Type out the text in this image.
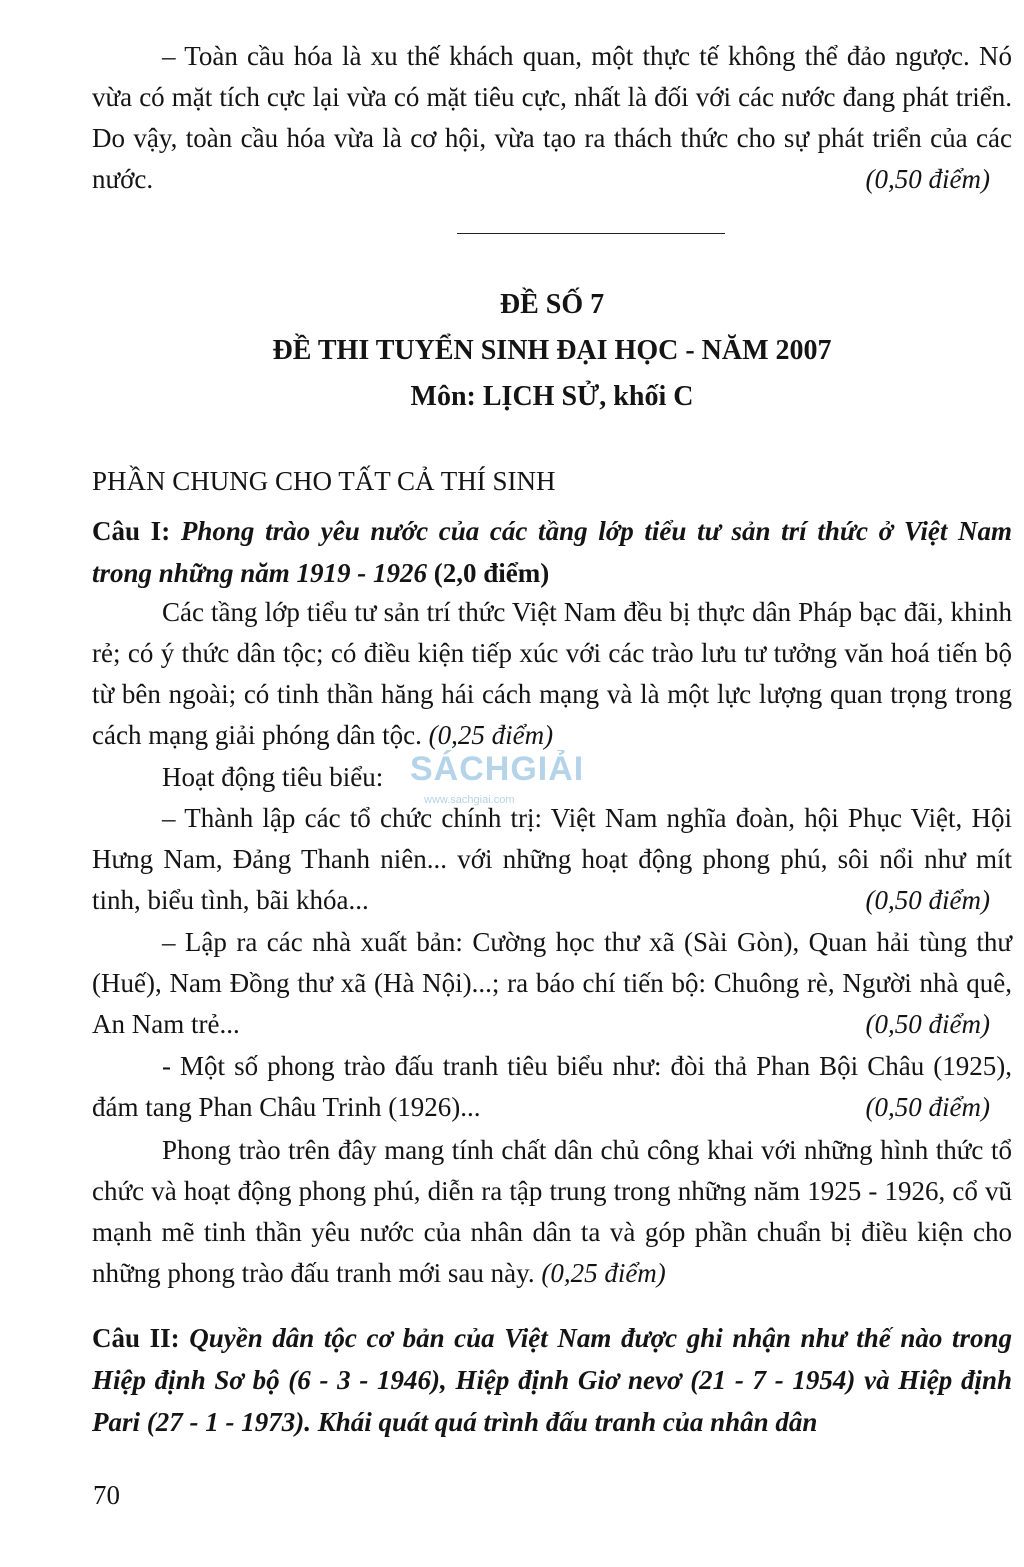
– Toàn cầu hóa là xu thế khách quan, một thực tế không thể đảo ngược. Nó vừa có mặt tích cực lại vừa có mặt tiêu cực, nhất là đối với các nước đang phát triển. Do vậy, toàn cầu hóa vừa là cơ hội, vừa tạo ra thách thức cho sự phát triển của các nước.	(0,50 điểm)

ĐỀ SỐ 7

ĐỀ THI TUYỂN SINH ĐẠI HỌC - NĂM 2007

Môn: LỊCH SỬ, khối C

PHẦN CHUNG CHO TẤT CẢ THÍ SINH

Câu I: Phong trào yêu nước của các tầng lớp tiểu tư sản trí thức ở Việt Nam trong những năm 1919 - 1926 (2,0 điểm)

Các tầng lớp tiểu tư sản trí thức Việt Nam đều bị thực dân Pháp bạc đãi, khinh rẻ; có ý thức dân tộc; có điều kiện tiếp xúc với các trào lưu tư tưởng văn hoá tiến bộ từ bên ngoài; có tinh thần hăng hái cách mạng và là một lực lượng quan trọng trong cách mạng giải phóng dân tộc. (0,25 điểm)

Hoạt động tiêu biểu:

– Thành lập các tổ chức chính trị: Việt Nam nghĩa đoàn, hội Phục Việt, Hội Hưng Nam, Đảng Thanh niên... với những hoạt động phong phú, sôi nổi như mít tinh, biểu tình, bãi khóa...	(0,50 điểm)

– Lập ra các nhà xuất bản: Cường học thư xã (Sài Gòn), Quan hải tùng thư (Huế), Nam Đồng thư xã (Hà Nội)...; ra báo chí tiến bộ: Chuông rè, Người nhà quê, An Nam trẻ...	(0,50 điểm)

- Một số phong trào đấu tranh tiêu biểu như: đòi thả Phan Bội Châu (1925), đám tang Phan Châu Trinh (1926)...	(0,50 điểm)

Phong trào trên đây mang tính chất dân chủ công khai với những hình thức tổ chức và hoạt động phong phú, diễn ra tập trung trong những năm 1925 - 1926, cổ vũ mạnh mẽ tinh thần yêu nước của nhân dân ta và góp phần chuẩn bị điều kiện cho những phong trào đấu tranh mới sau này. (0,25 điểm)

Câu II: Quyền dân tộc cơ bản của Việt Nam được ghi nhận như thế nào trong Hiệp định Sơ bộ (6 - 3 - 1946), Hiệp định Giơ nevơ (21 - 7 - 1954) và Hiệp định Pari (27 - 1 - 1973). Khái quát quá trình đấu tranh của nhân dân

SÁCHGIẢI
www.sachgiai.com
70
